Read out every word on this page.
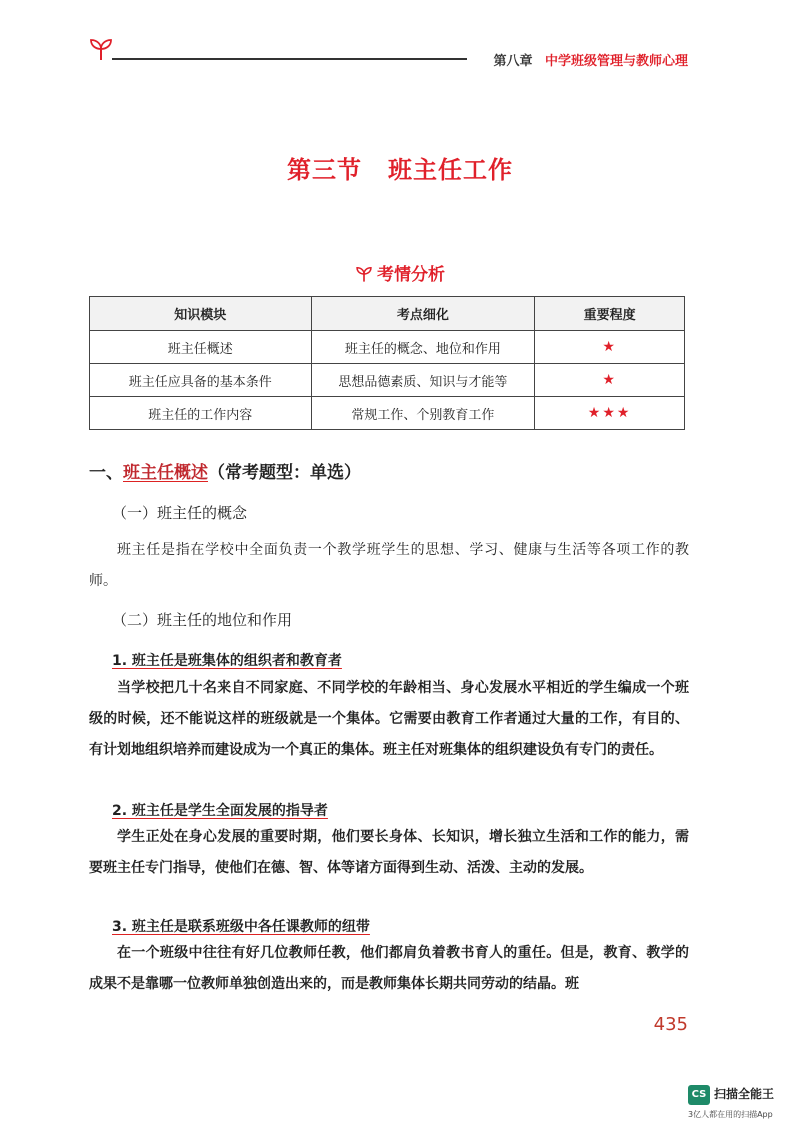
第八章 中学班级管理与教师心理
第三节 班主任工作
考情分析
知识模块	考点细化	重要程度
班主任概述	班主任的概念、地位和作用	★
班主任应具备的基本条件	思想品德素质、知识与才能等	★
班主任的工作内容	常规工作、个别教育工作	★★★
一、班主任概述（常考题型：单选）
（一）班主任的概念
班主任是指在学校中全面负责一个教学班学生的思想、学习、健康与生活等各项工作的教师。
（二）班主任的地位和作用
1. 班主任是班集体的组织者和教育者
当学校把几十名来自不同家庭、不同学校的年龄相当、身心发展水平相近的学生编成一个班级的时候，还不能说这样的班级就是一个集体。它需要由教育工作者通过大量的工作，有目的、有计划地组织培养而建设成为一个真正的集体。班主任对班集体的组织建设负有专门的责任。
2. 班主任是学生全面发展的指导者
学生正处在身心发展的重要时期，他们要长身体、长知识，增长独立生活和工作的能力，需要班主任专门指导，使他们在德、智、体等诸方面得到生动、活泼、主动的发展。
3. 班主任是联系班级中各任课教师的纽带
在一个班级中往往有好几位教师任教，他们都肩负着教书育人的重任。但是，教育、教学的成果不是靠哪一位教师单独创造出来的，而是教师集体长期共同劳动的结晶。班
435
CS 扫描全能王
3亿人都在用的扫描App
